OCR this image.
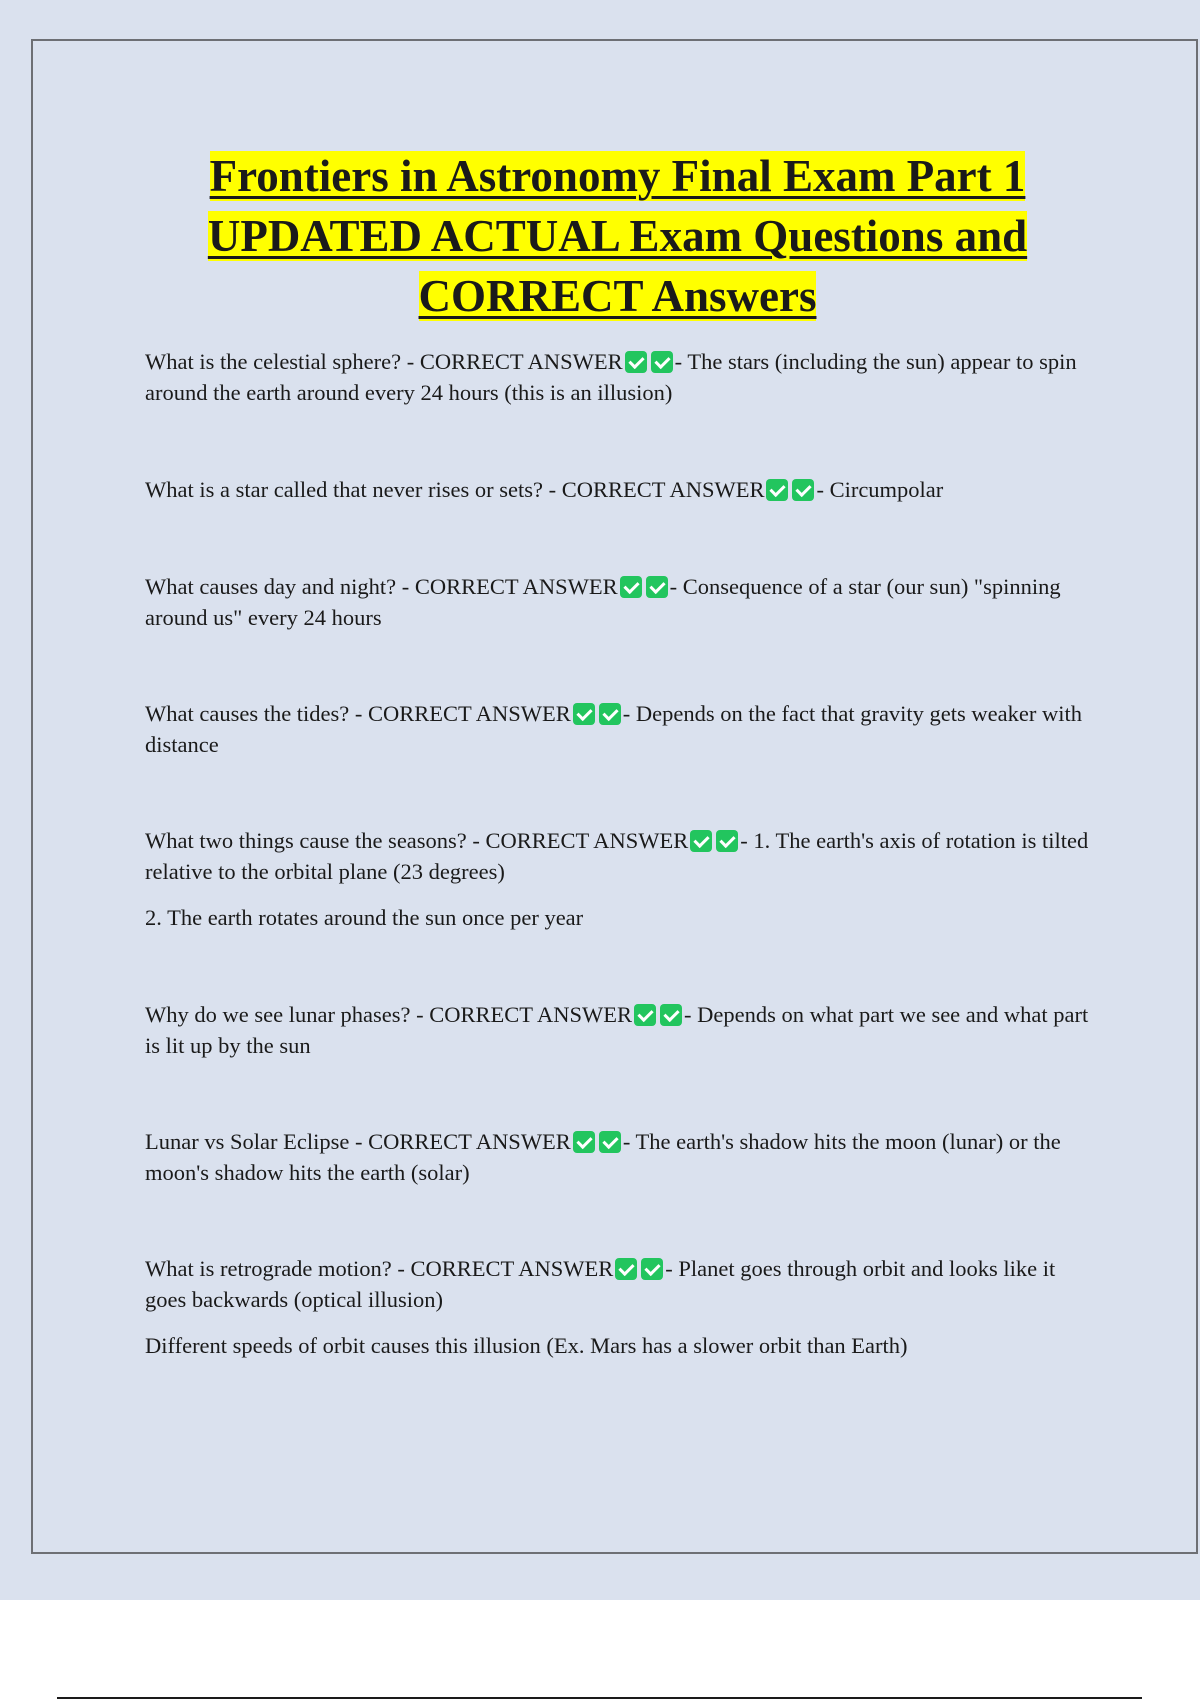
Frontiers in Astronomy Final Exam Part 1
UPDATED ACTUAL Exam Questions and
CORRECT Answers

What is the celestial sphere? - CORRECT ANSWER - The stars (including the sun) appear to spin around the earth around every 24 hours (this is an illusion)

What is a star called that never rises or sets? - CORRECT ANSWER - Circumpolar

What causes day and night? - CORRECT ANSWER - Consequence of a star (our sun) "spinning around us" every 24 hours

What causes the tides? - CORRECT ANSWER - Depends on the fact that gravity gets weaker with distance

What two things cause the seasons? - CORRECT ANSWER - 1. The earth's axis of rotation is tilted relative to the orbital plane (23 degrees)

2. The earth rotates around the sun once per year

Why do we see lunar phases? - CORRECT ANSWER - Depends on what part we see and what part is lit up by the sun

Lunar vs Solar Eclipse - CORRECT ANSWER - The earth's shadow hits the moon (lunar) or the moon's shadow hits the earth (solar)

What is retrograde motion? - CORRECT ANSWER - Planet goes through orbit and looks like it goes backwards (optical illusion)

Different speeds of orbit causes this illusion (Ex. Mars has a slower orbit than Earth)
